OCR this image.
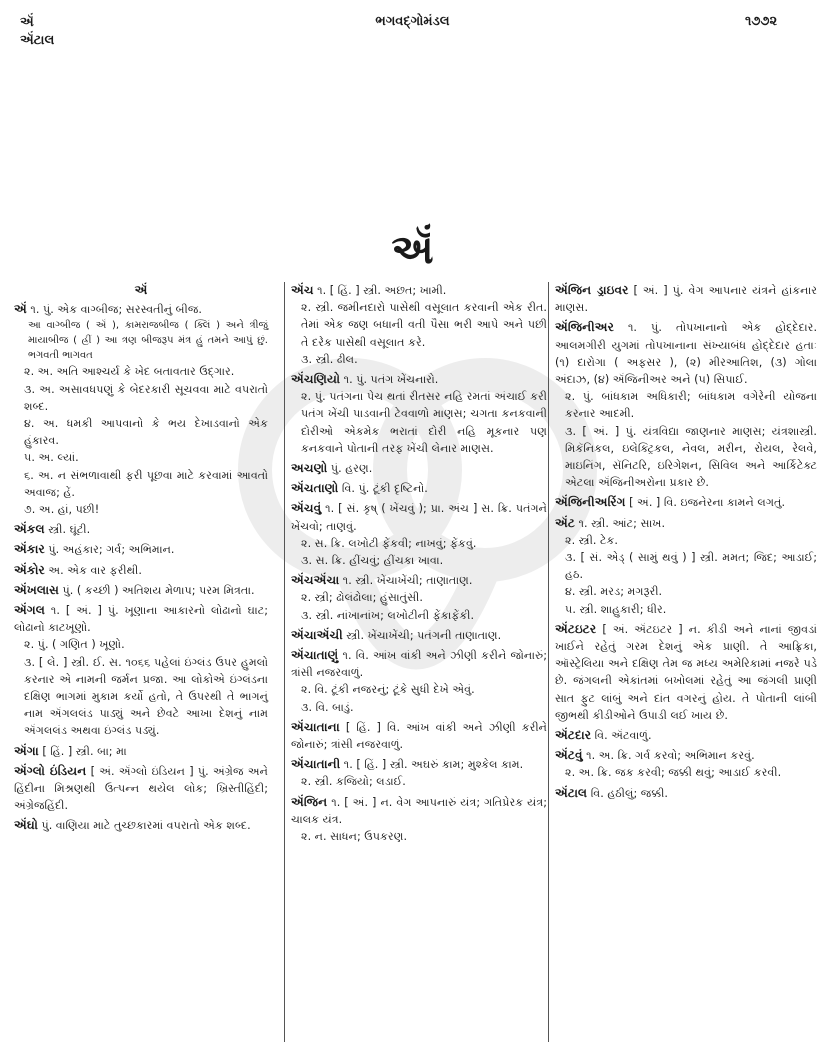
ઍં
ઍંટાલ
ભગવદ્ગોમંડલ	૧૭૭૨
ઍં
ઍં
ઍં ૧. પું. એક વાગ્બીજ; સરસ્વતીનું બીજ.
આ વાગ્બીજ ( ઍં ), કામરાજબીજ ( ક્લિં ) અને ત્રીજું માયાબીજ ( હ્રીં ) આ ત્રણ બીજરૂપ મંત્ર હું તમને આપું છું. ભગવતી ભાગવત
૨. અ. અતિ આશ્ચર્ય કે ખેદ બતાવતાર ઉદ્ગાર.
૩. અ. અસાવધપણું કે બેદરકારી સૂચવવા માટે વપરાતો શબ્દ.
૪. અ. ધમકી આપવાનો કે ભય દેખાડવાનો એક હુંકારવ.
૫. અ. લ્યાં.
૬. અ. ન સંભળાવાથી ફરી પૂછવા માટે કરવામાં આવતો અવાજ; હેં.
૭. અ. હાં, પછી!
ઍંકલ સ્ત્રી. ઘૂંટી.
ઍંકાર પું. અહંકાર; ગર્વ; અભિમાન.
ઍંકોર અ. એક વાર ફરીથી.
ઍંખલાસ પું. ( કચ્છી ) અતિશય મેળાપ; પરમ મિત્રતા.
ઍંગલ ૧. [ અં. ] પું. ખૂણાના આકારનો લોઢાનો ઘાટ; લોઢાનો કાટખૂણો.
૨. પું. ( ગણિત ) ખૂણો.
૩. [ લે. ] સ્ત્રી. ઈ. સ. ૧૦૬૬ પહેલાં ઇંગ્લંડ ઉપર હુમલો કરનાર એ નામની જર્મન પ્રજા. આ લોકોએ ઇંગ્લંડના દક્ષિણ ભાગમાં મુકામ કર્યો હતો, તે ઉપરથી તે ભાગનું નામ ઍંગલલંડ પાડ્યું અને છેવટે આખા દેશનું નામ ઍંગલલંડ અથવા ઇંગ્લંડ પડ્યું.
ઍંગા [ હિં. ] સ્ત્રી. બા; મા
ઍંગ્લો ઇંડિયન [ અં. ઍંગ્લો ઇંડિયન ] પું. અંગ્રેજ અને હિંદીના મિશ્રણથી ઉત્પન્ન થયેલ લોક; ખ્રિસ્તીહિંદી; અંગ્રેજહિંદી.
ઍંઘો પું. વાણિયા માટે તુચ્છકારમાં વપરાતો એક શબ્દ.
ઍંચ ૧. [ હિં. ] સ્ત્રી. અછત; ખામી.
૨. સ્ત્રી. જમીનદારો પાસેથી વસૂલાત કરવાની એક રીત. તેમાં એક જણ બધાની વતી પૈસા ભરી આપે અને પછી તે દરેક પાસેથી વસૂલાત કરે.
૩. સ્ત્રી. ઢીલ.
ઍંચણિયો ૧. પું. પતંગ ખેંચનારો.
૨. પું. પતંગના પેચ થતાં રીતસર નહિ રમતાં અંચાઈ કરી પતંગ ખેંચી પાડવાની ટેવવાળો માણસ; ચગતા કનકવાની દોરીઓ એકમેક ભરાતાં દોરી નહિ મૂકનાર પણ કનકવાને પોતાની તરફ ખેંચી લેનાર માણસ.
અચણો પું. હરણ.
ઍંચતાણો વિ. પું. ટૂંકી દૃષ્ટિનો.
ઍંચવું ૧. [ સં. કૃષ્ ( ખેંચવું ); પ્રા. અંચ ] સ. ક્રિ. પતંગને ખેંચવો; તાણવું.
૨. સ. ક્રિ. લખોટી ફેંકવી; નાખવું; ફેંકવું.
૩. સ. ક્રિ. હીંચવું; હીંચકા ખાવા.
ઍંચઍંચા ૧. સ્ત્રી. ખેંચાખેંચી; તાણાતાણ.
૨. સ્ત્રી; ઢોલંઢોલા; હુંસાતુંસી.
૩. સ્ત્રી. નાંખાનાંખ; લખોટીની ફેંકાફેંકી.
ઍંચાઍંચી સ્ત્રી. ખેંચાખેંચી; પતંગની તાણાતાણ.
ઍંચાતાણું ૧. વિ. આંખ વાંકી અને ઝીણી કરીને જોનારું; ત્રાંસી નજરવાળું.
૨. વિ. ટૂંકી નજરનું; ટૂંકે સુધી દેખે એવું.
૩. વિ. બાડું.
ઍંચાતાના [ હિં. ] વિ. આંખ વાંકી અને ઝીણી કરીને જોનારું; ત્રાંસી નજરવાળું.
ઍંચાતાની ૧. [ હિં. ] સ્ત્રી. અઘરું કામ; મુશ્કેલ કામ.
૨. સ્ત્રી. કજિયો; લડાઈ.
ઍંજિન ૧. [ અં. ] ન. વેગ આપનારું યંત્ર; ગતિપ્રેરક યંત્ર; ચાલક યંત્ર.
૨. ન. સાધન; ઉપકરણ.
ઍંજિન ડ્રાઇવર [ અં. ] પું. વેગ આપનાર યંત્રને હાંકનાર માણસ.
ઍંજિનીઅર ૧. પું. તોપખાનાનો એક હોદ્દેદાર. આલમગીરી યુગમાં તોપખાનાના સંખ્યાબંધ હોદ્દેદાર હતાઃ (૧) દારોગા ( અફસર ), (૨) મીરઆતિશ, (૩) ગોલા અંદાઝ, (૪) ઍંજિનીઅર અને (૫) સિપાઈ.
૨. પું. બાંધકામ અધિકારી; બાંધકામ વગેરેની યોજના કરનાર આદમી.
૩. [ અં. ] પું. યંત્રવિદ્યા જાણનાર માણસ; યંત્રશાસ્ત્રી. મિકૅનિકલ, ઇલેક્ટ્રિકલ, નેવલ, મરીન, રોયલ, રેલવે, માઇનિંગ, સૅનિટરિ, ઇરિગેશન, સિવિલ અને આર્કિટેક્ટ એટલા ઍંજિનીઅરોના પ્રકાર છે.
ઍંજિનીઅરિંગ [ અં. ] વિ. ઇજનેરના કામને લગતું.
ઍંટ ૧. સ્ત્રી. આંટ; સાખ.
૨. સ્ત્રી. ટેક.
૩. [ સં. એડ્ ( સામું થવું ) ] સ્ત્રી. મમત; જિદ; આડાઈ; હઠ.
૪. સ્ત્રી. મરડ; મગરૂરી.
૫. સ્ત્રી. શાહુકારી; ધીર.
ઍંટઇટર [ અં. ઍંટઇટર ] ન. કીડી અને નાનાં જીવડાં ખાઈને રહેતું ગરમ દેશનું એક પ્રાણી. તે આફ્રિકા, ઑસ્ટ્રેલિયા અને દક્ષિણ તેમ જ મધ્ય અમેરિકામાં નજરે પડે છે. જંગલની એકાંતમાં બખોલમાં રહેતું આ જંગલી પ્રાણી સાત ફુટ લાંબું અને દાંત વગરનું હોય. તે પોતાની લાંબી જીભથી કીડીઓને ઉપાડી લઈ ખાય છે.
ઍંટદાર વિ. ઍંટવાળું.
ઍંટવું ૧. અ. ક્રિ. ગર્વ કરવો; અભિમાન કરવું.
૨. અ. ક્રિ. જક કરવી; જક્કી થવું; આડાઈ કરવી.
ઍંટાલ વિ. હઠીલું; જક્કી.
